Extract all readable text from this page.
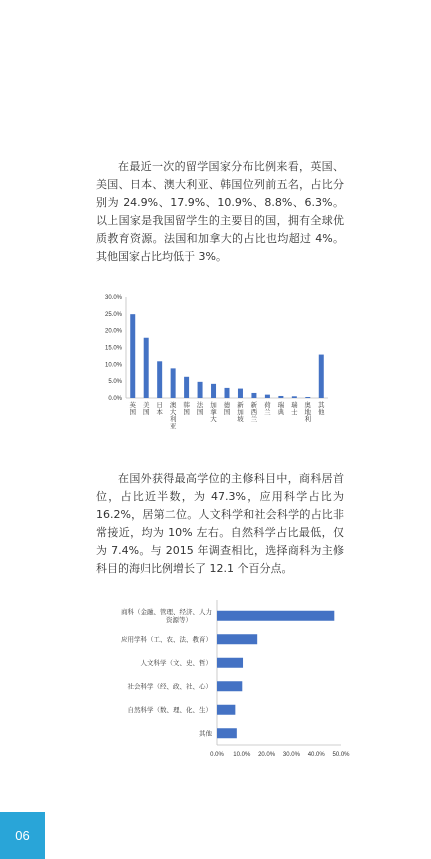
在最近一次的留学国家分布比例来看，英国、美国、日本、澳大利亚、韩国位列前五名，占比分别为 24.9%、17.9%、10.9%、8.8%、6.3%。以上国家是我国留学生的主要目的国，拥有全球优质教育资源。法国和加拿大的占比也均超过 4%。其他国家占比均低于 3%。

0.0%
5.0%
10.0%
15.0%
20.0%
25.0%
30.0%
英国
美国
日本
澳大利亚
韩国
法国
加拿大
德国
新加坡
新西兰
荷兰
瑞典
瑞士
奥地利
其他

在国外获得最高学位的主修科目中，商科居首位，占比近半数，为 47.3%，应用科学占比为 16.2%，居第二位。人文科学和社会科学的占比非常接近，均为 10% 左右。自然科学占比最低，仅为 7.4%。与 2015 年调查相比，选择商科为主修科目的海归比例增长了 12.1 个百分点。

商科（金融、管理、经济、人力资源等）
应用学科（工、农、法、教育）
人文科学（文、史、哲）
社会科学（经、政、社、心）
自然科学（数、理、化、生）
其他
0.0% 10.0% 20.0% 30.0% 40.0% 50.0%
06
